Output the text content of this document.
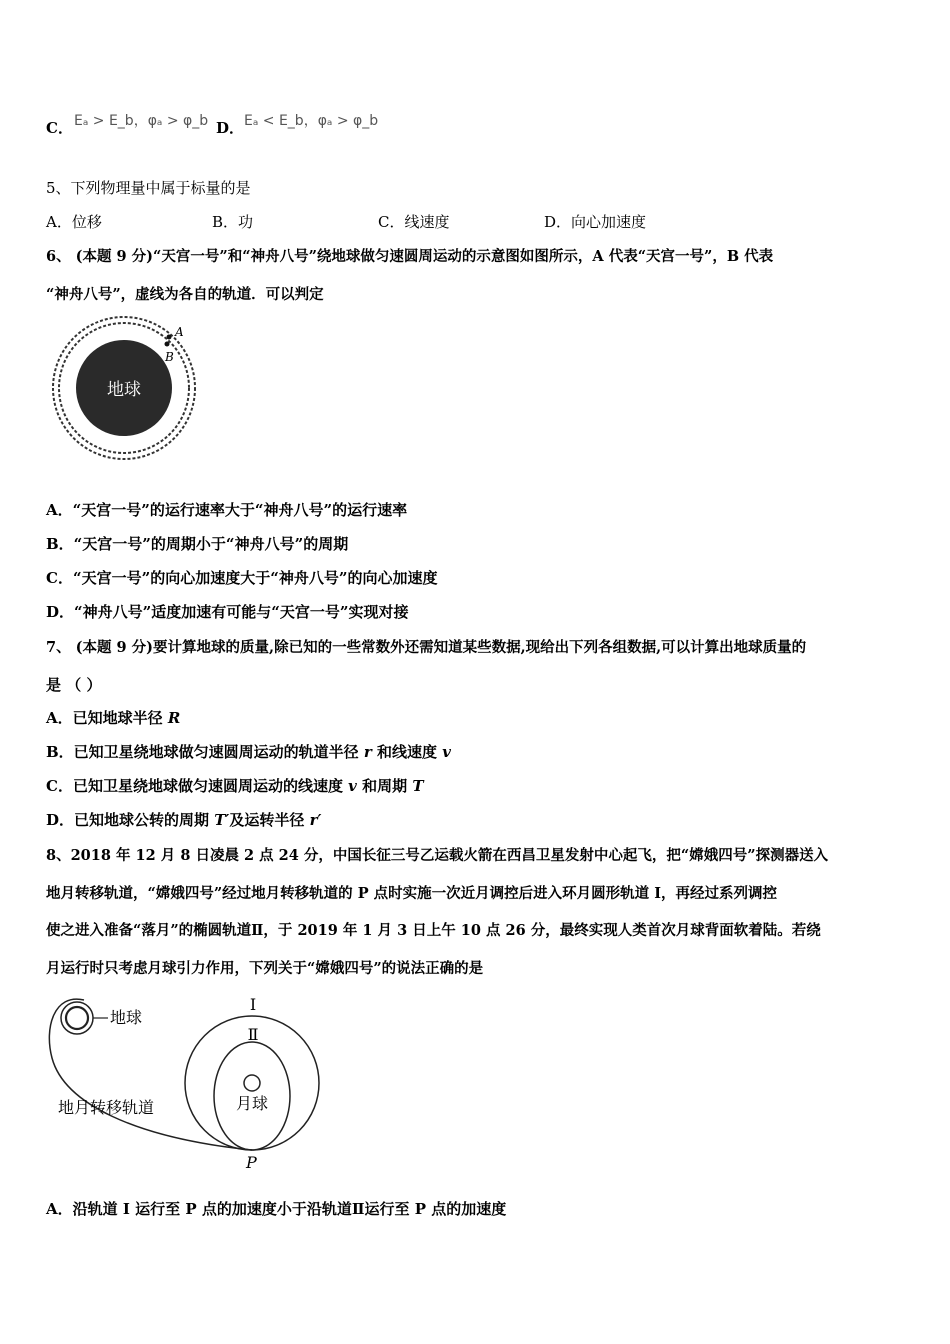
C． Eₐ > E_b，φₐ > φ_b D． Eₐ < E_b，φₐ > φ_b
5、下列物理量中属于标量的是
A．位移	B．功	C．线速度	D．向心加速度
6、 (本题 9 分)“天宫一号”和“神舟八号”绕地球做匀速圆周运动的示意图如图所示，A 代表“天宫一号”，B 代表
“神舟八号”，虚线为各自的轨道．可以判定
地球
A
B
A．“天宫一号”的运行速率大于“神舟八号”的运行速率
B．“天宫一号”的周期小于“神舟八号”的周期
C．“天宫一号”的向心加速度大于“神舟八号”的向心加速度
D．“神舟八号”适度加速有可能与“天宫一号”实现对接
7、 (本题 9 分)要计算地球的质量,除已知的一些常数外还需知道某些数据,现给出下列各组数据,可以计算出地球质量的
是 （ ）
A．已知地球半径 R
B．已知卫星绕地球做匀速圆周运动的轨道半径 r 和线速度 v
C．已知卫星绕地球做匀速圆周运动的线速度 v 和周期 T
D．已知地球公转的周期 T′及运转半径 r′
8、2018 年 12 月 8 日凌晨 2 点 24 分，中国长征三号乙运载火箭在西昌卫星发射中心起飞，把“嫦娥四号”探测器送入
地月转移轨道，“嫦娥四号”经过地月转移轨道的 P 点时实施一次近月调控后进入环月圆形轨道 I，再经过系列调控
使之进入准备“落月”的椭圆轨道Ⅱ，于 2019 年 1 月 3 日上午 10 点 26 分，最终实现人类首次月球背面软着陆。若绕
月运行时只考虑月球引力作用，下列关于“嫦娥四号”的说法正确的是
地球
I
Ⅱ
月球
地月转移轨道
P
A．沿轨道 I 运行至 P 点的加速度小于沿轨道Ⅱ运行至 P 点的加速度
